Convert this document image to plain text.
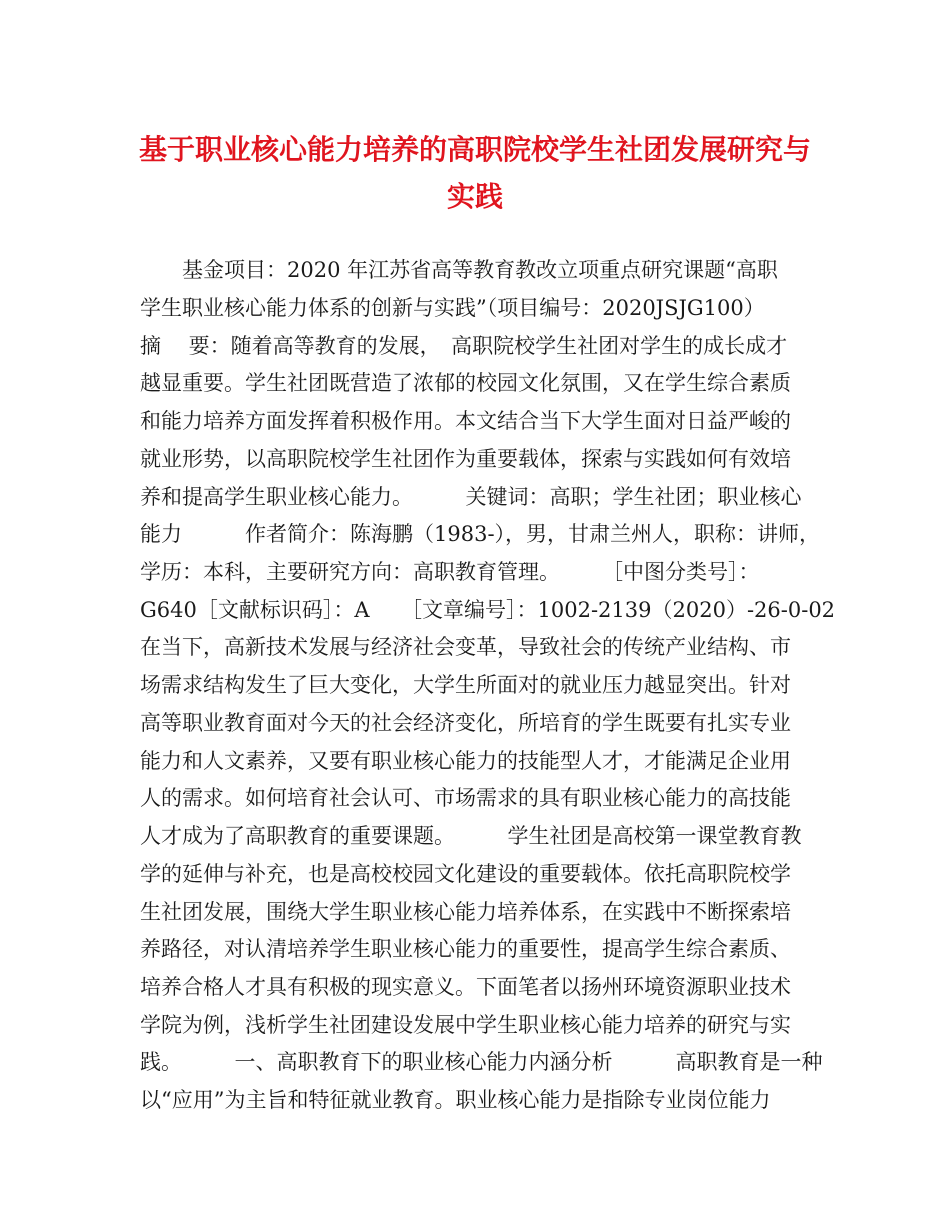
基于职业核心能力培养的高职院校学生社团发展研究与
实践
　　基金项目：2020 年江苏省高等教育教改立项重点研究课题“高职
学生职业核心能力体系的创新与实践”（项目编号：2020JSJG100）
摘　 要：随着高等教育的发展，　高职院校学生社团对学生的成长成才
越显重要。学生社团既营造了浓郁的校园文化氛围，又在学生综合素质
和能力培养方面发挥着积极作用。本文结合当下大学生面对日益严峻的
就业形势，以高职院校学生社团作为重要载体，探索与实践如何有效培
养和提高学生职业核心能力。　　　关键词：高职；学生社团；职业核心
能力　　　作者简介：陈海鹏（1983-），男，甘肃兰州人，职称：讲师，
学历：本科，主要研究方向：高职教育管理。　　　［中图分类号］：
G640［文献标识码］：A　　［文章编号］：1002-2139（2020）-26-0-02
在当下，高新技术发展与经济社会变革，导致社会的传统产业结构、市
场需求结构发生了巨大变化，大学生所面对的就业压力越显突出。针对
高等职业教育面对今天的社会经济变化，所培育的学生既要有扎实专业
能力和人文素养，又要有职业核心能力的技能型人才，才能满足企业用
人的需求。如何培育社会认可、市场需求的具有职业核心能力的高技能
人才成为了高职教育的重要课题。　　　学生社团是高校第一课堂教育教
学的延伸与补充，也是高校校园文化建设的重要载体。依托高职院校学
生社团发展，围绕大学生职业核心能力培养体系，在实践中不断探索培
养路径，对认清培养学生职业核心能力的重要性，提高学生综合素质、
培养合格人才具有积极的现实意义。下面笔者以扬州环境资源职业技术
学院为例，浅析学生社团建设发展中学生职业核心能力培养的研究与实
践。　　　一、高职教育下的职业核心能力内涵分析　　　高职教育是一种
以“应用”为主旨和特征就业教育。职业核心能力是指除专业岗位能力
